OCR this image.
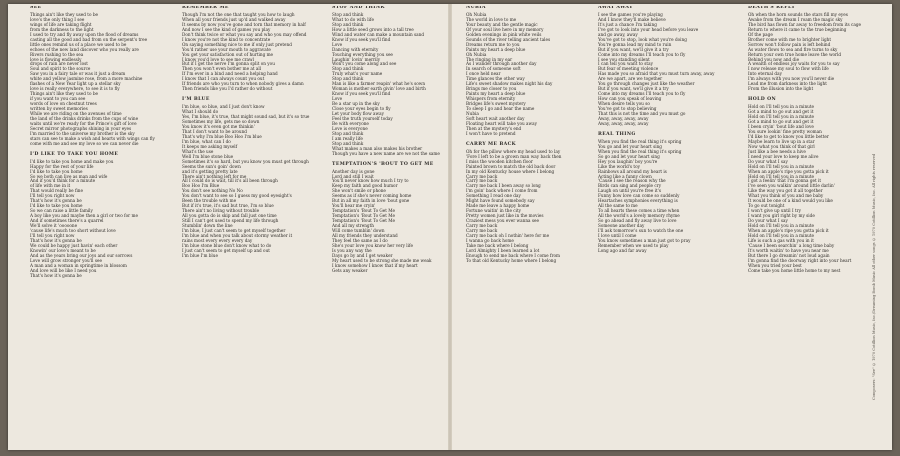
SEE
Things ain't like they used to be
love's the only thing I see
wings of life are taking flight
from the darkness to the light
I used to try and fly away upon the flood of dreams
casting all the good and bad from on the serpent's tree
little ones remind us of a place we used to be
echoes of the new land discover who you really are
Rivers rushing to the sea
love is flowing endlessly
drops of rain are never lost
Soul and spirit to the source
Saw you in a fairy tale or was it just a dream
white and yellow jasmine rose, from a more machine
flashes of a New Year light up a stellar sky
love is really everywhere, to see it is to fly
Things ain't like they used to be
if you want to you can see
words of love on chestnut trees
written by sweet memories
While we are riding on the avenues of time
the land of the drinks drinks from the cups of wine
waits until we're ready for the Prince's gift of love
Secret mirror photographs shining in your eyes
I'm married to the universe my brother is the sky
stars can see to make a wish and hearts with wings can fly
come with me and see my love so we can never die
I'D LIKE TO TAKE YOU HOME
I'd like to take you home and make you
Happy for the rest of your life
I'd like to take you home
So we both can live as man and wife
And if you'd think for a minute
of life with me in it
That would really be fine
I'll tell you right now
That's how it's gonna be
I'd like to take you home
So we can raise a little family
A boy like you and maybe then a girl or two for me
And if sometimes there's a quarrel
We'll solve it 'ooooone
'cause life's much too short without love
I'll tell you right now
That's how it's gonna be
We could be happy just havin' each other
Knowin' our love's meant to be
And as the years bring our joys and our sorrows
Love will grow stronger you'll see
A man and a woman in springtime in blossom
And love will be like I need you
That's how it's gonna be
REMEMBER ME
Though I'm not the one that taught you how to laugh
When all your friends just up'd and walked away
It seems by now you've gone and torn that memory in half
And now I see the kind of games you play
Don't think twice or what you say and who you may offend
I know you're not the kind to concentrate
On saying something nice to me if only just pretend
You'd rather use your mouth to aggravate
You get your satisfaction out of hurting me
I know you'd love to see me crawl
But if I get the nerve I'm gonna split on you
Then you won't even bother me at all
If I'm ever in a bind and need a helping hand
I know that I can always count you out
If friends are who you turn to when nobody gives a damn
Then friends like you I'd rather do without
I'M BLUE
I'm blue, so blue, and I just don't know
What I should do
Yes, I'm blue, it's true, that might sound sad, but it's so true
Sometimes my life, gets me so down
You know it's even got me thinkin'
That I don't want to be around
That's why I'm blue Boo Hoo I'm blue
I'm blue, what can I do
It keeps me asking myself
What's the use
Well I'm blue stone blue
Sometimes it's so hard, but you know you must get through
Seems the sun's goin' down
and it's getting pretty late
There ain't nothing left for me
All I could do is wait, till it's all been through
Boo Hoo I'm Blue
You don't see nothing No No
You don't want to see so I guess my good eyesight's
Been the trouble with me
But if it's true, it's sad but true, I'm so blue
There ain't no living without trouble
All you gotta do is skip and fall just one time
Still I can't get used to spend my life through
Stumblin' down the line
I'm blue, I just can't seem to get myself together
I'm blue and when you talk about stormy weather it
rains most every every every day
I'm blue stone blue don't know what to do
I just can't seem to get myself up and out
I'm blue I'm blue
STOP AND THINK
Stop and think
What to do with life
Stop and think
How a little seed grows into a tall tree
Wind and water can make a mountain sand
Know if you seek you'll find
Love
Dancing with eternity
Touching everything you see
Laughin' lovin' merrily
Won't you come along and see
Stop and think
Truly what's your name
Stop and think
Man is like a farmer reapin' what he's sown
Woman is mother earth givin' love and birth
Know if you seek you'll find
Love
Be a star up in the sky
Close your eyes begin to fly
Let your body flow away
Feel the truth yourself today
Be with everyone
Love is everyone
Stop and think
I am really life
Stop and think
What makes a man also makes his brother
Though you have a new name are we not the same
TEMPTATION'S 'BOUT TO GET ME
Another day is gone
Lord and still I wait
You'll never know how much I try to
Keep my faith and good humor
She won't smile or phone
Seems as if she's never coming home
But in all my faith in love 'bout gone
You'll hear me cryin'
Temptation's 'Bout To Get Me
Temptation's 'Bout To Get Me
Temptation's 'Bout To Get Me
And all my strength
Will come tumblin' down
All my friends they understand
They feel the same as I do
She's your love you know her very life
Is you any way the
Days go by and I get weaker
My heart used to be strong she made me weak
I know somehow I know that if my heart
Gets any weaker
NUBIA
Oh Nubia
The world in love to me
Your beauty and the gentle magic
Of your soul live here in my memory
Golden evenings in pink white veils
Sounds of the river telling ancient tales
Dreams return me to you
Paints my heart a deep blue
Oh Nubia
The ringing in my ear
As I wander through another day
In search of someone soft
I once held near
Time glances the other way
Life's sweet shadow makes night his day
Brings me closer to you
Paints my heart a deep blue
Whispers from eternity
Bridges life's sweet mystery
To sleep I go and hear the name
Nubia
Soft heart wait another day
Floating heart will take you away
Then at the mystery's end
I won't have to pretend
CARRY ME BACK
Oh for the pillow where my head used to lay
'Fore I left to be a grown man way back then
I miss the wooden kitchen floor
Painted brown to match the old back door
In my old Kentucky house where I belong
Carry me back
Carry me back
Carry me back I been away so long
I'm goin' back where I come from
Something I read one day
Might have found somebody say
Made me leave a happy home
Fortune waitin' in the city
Pretty women just like in the movies
Craziest mess you ever wanna see
Carry me back
Carry me back
Carry me back oh I nothin' here for me
I wanna go back home
Take me back where I belong
Lord Almighty I been learned a lot
Enough to send me back where I come from
To that old Kentucky home where I belong
AWAY AWAY
I see the games you're playing
And I know they'll make believe
It's just a chance I'm taking
I've got to look into your head before you leave
and go away, away
You've got to stop, look what you're doing
You're gonna lead my mind to ruin
But if you want, we'll give it a try
Come into my dreams I'll teach you to fly
I see you standing silent
I can tell you want to stay
But fear of meeting violence
Has made you so afraid that you must turn away, away
Are we apart, are we together
You go through changes just like the weather
But if you want, we'll give it a try
Come into my dreams I'll teach you to fly
How can you speak of leaving
When desire tells you so
You've got to stop believing
That this is not the time and you must go
Away, away, away, away
Away, away, away, away
REAL THING
When you find the real thing it's spring
You go and let your heart sing
When you find the real thing it's spring
So go and let your heart sing
Hey you laughin' boy you're
Like the world's toy
Rainbows all around my heart is
Acting like a funny clown
'Cause I see the reason why the
Birds can sing and people cry
Laugh on until you're free it's
Funny how love can come so suddenly
Heartaches symphonies everything is
All the same to me
To all hearts these comes a time when
All the world's a lovely memory rhyme
So go ahead and fly away live to love
Someone another day
I'll ask tomorrow's sun to watch the one
I love until I come
You know sometimes a man just got to pray
Remember when we used to play
Long ago and far away
DEATH'S REPLY
Oh when the horn sounds the stars fill my eyes
Awake from the dream I roam the magic sky
The bird has flown far away to freedom from its cage
Return to where it came to the true beginning
Of the page
Brother come with me to brighter light
Sorrow won't follow pain is left behind
As water flows to sea and fire turns to sky
Return your own true home leave the world
Behind you now and die
A wealth of endless joy waits for you to say
I now release my soul to flow with life
Into eternal day
I'm always with you now you'll never die
Lead me from darkness into the light
From the illusion into the light
HOLD ON
Hold on I'll tell you in a minute
Got a mind to go out and get it
Hold on I'll tell you in a minute
Got a mind to go out and get it
I been cryin' 'bout life and love
You sure lookin' fine pretty woman
I'd like to get to know you little better
Maybe learn to live up in a star
Now what you think of that girl
Just like a bee needs a hive
I need your love to keep me alive
Do your what I say
Hold on I'll tell you in a minute
When an apple's ripe you gotta pick it
Hold on I'll tell you in a minute
I got a feelin' that I'm gonna get it
I've seen you walkin' around little darlin'
Like the way you got it all together
What you think of you and me baby
It would be one of a kind would you like
To go out tonight
I won't give up until I try
I want you girl right by my side
Do your what I say
Hold on I'll tell you in a minute
When an apple's ripe you gotta pick it
Hold on I'll tell you in a minute
Life is such a gas with you in it
'Cause I been searchin' a long time baby
It's worth waitin' to have you near me
But there I go dreamin' not loud again
I'm gonna find the doorway right into your heart
When you tried your best
Come take you home little home to my nest	Composers: "See" © 1970 Cotillion Music, Inc./Dreaming Bomb Music All other songs © 1970 Cotillion Music, Inc. All rights reserved
